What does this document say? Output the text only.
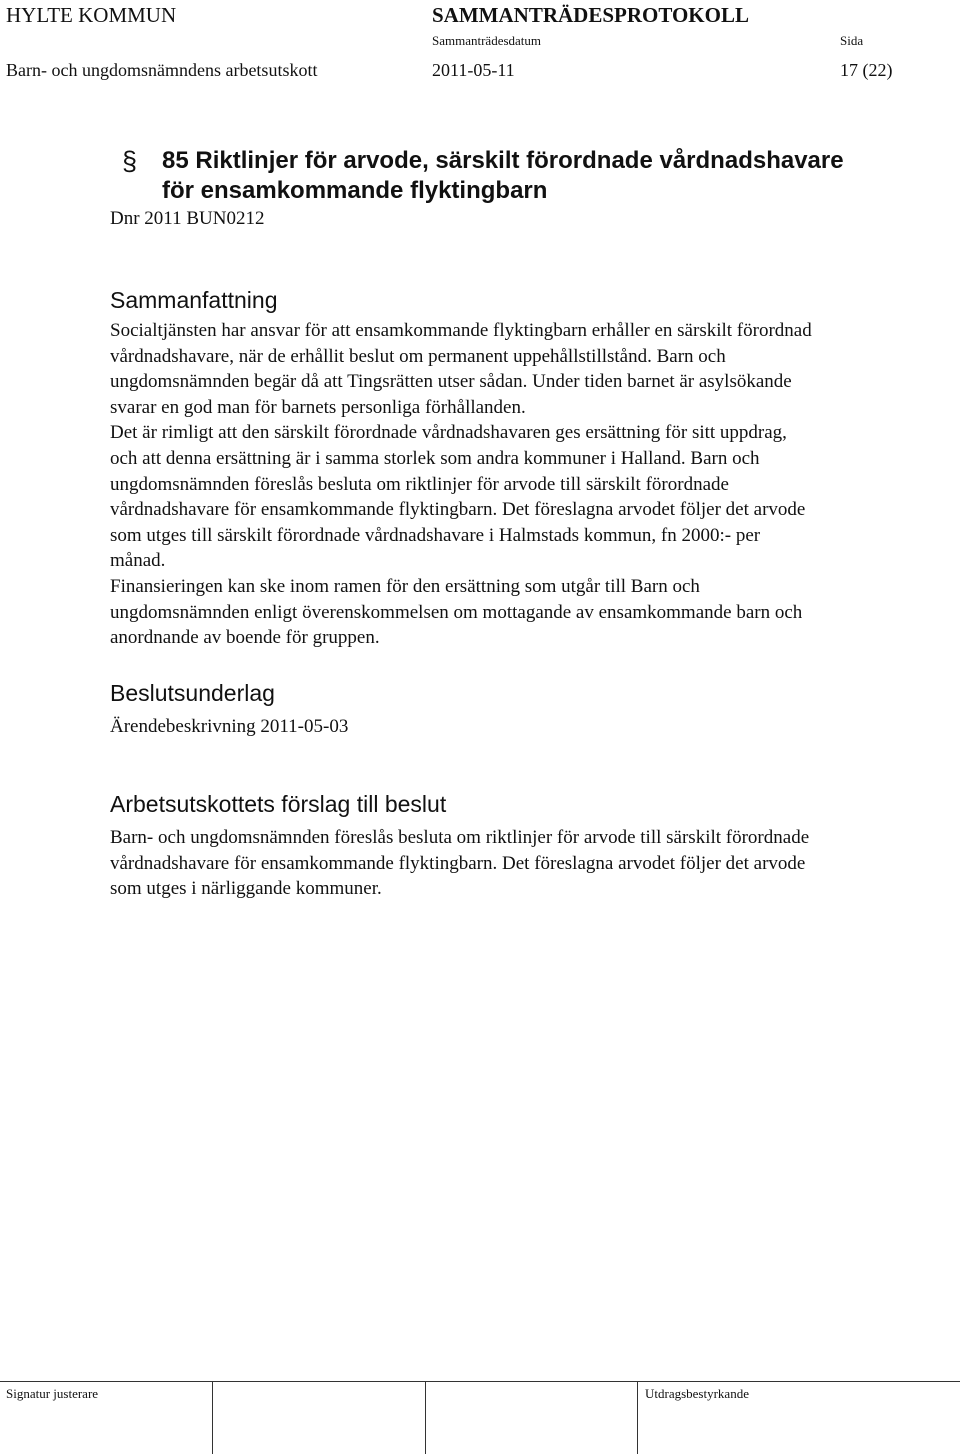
HYLTE KOMMUN	SAMMANTRÄDESPROTOKOLL
Sammanträdesdatum	Sida
Barn- och ungdomsnämndens arbetsutskott	2011-05-11	17 (22)
§ 85 Riktlinjer för arvode, särskilt förordnade vårdnadshavare
för ensamkommande flyktingbarn
Dnr 2011 BUN0212
Sammanfattning
Socialtjänsten har ansvar för att ensamkommande flyktingbarn erhåller en särskilt förordnad
vårdnadshavare, när de erhållit beslut om permanent uppehållstillstånd. Barn och
ungdomsnämnden begär då att Tingsrätten utser sådan. Under tiden barnet är asylsökande
svarar en god man för barnets personliga förhållanden.
Det är rimligt att den särskilt förordnade vårdnadshavaren ges ersättning för sitt uppdrag,
och att denna ersättning är i samma storlek som andra kommuner i Halland. Barn och
ungdomsnämnden föreslås besluta om riktlinjer för arvode till särskilt förordnade
vårdnadshavare för ensamkommande flyktingbarn. Det föreslagna arvodet följer det arvode
som utges till särskilt förordnade vårdnadshavare i Halmstads kommun, fn 2000:- per
månad.
Finansieringen kan ske inom ramen för den ersättning som utgår till Barn och
ungdomsnämnden enligt överenskommelsen om mottagande av ensamkommande barn och
anordnande av boende för gruppen.
Beslutsunderlag
Ärendebeskrivning 2011-05-03
Arbetsutskottets förslag till beslut
Barn- och ungdomsnämnden föreslås besluta om riktlinjer för arvode till särskilt förordnade
vårdnadshavare för ensamkommande flyktingbarn. Det föreslagna arvodet följer det arvode
som utges i närliggande kommuner.
Signatur justerare	Utdragsbestyrkande
